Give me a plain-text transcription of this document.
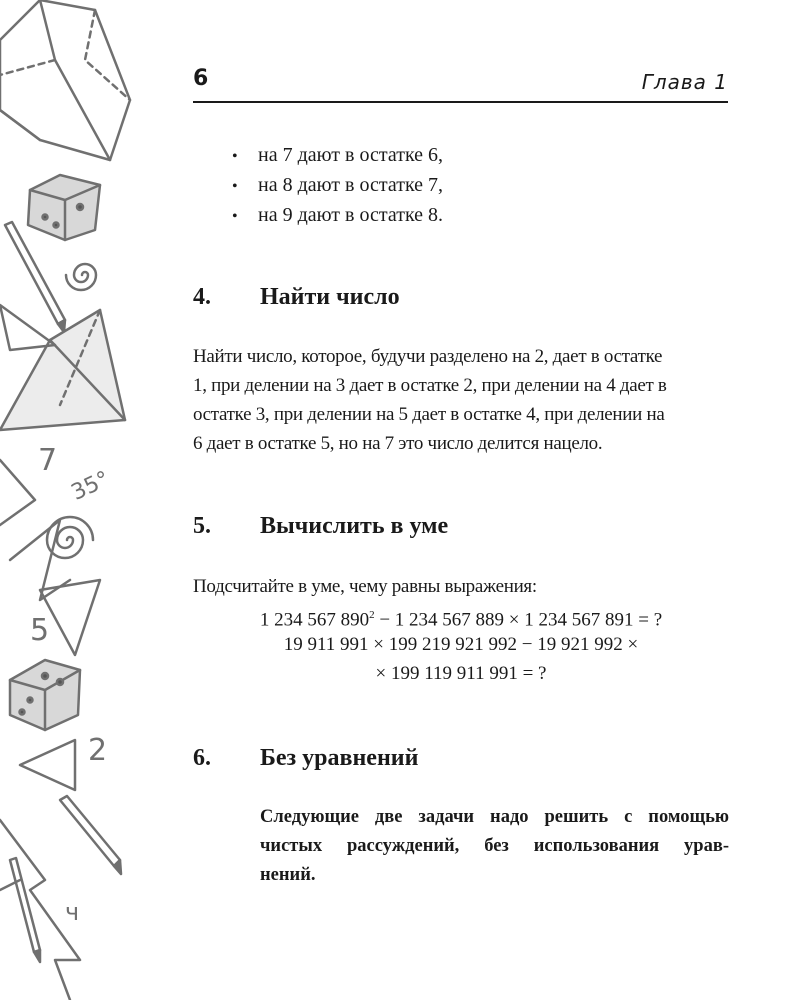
7
35°
5
2
ч
6	Глава 1
• на 7 дают в остатке 6,
• на 8 дают в остатке 7,
• на 9 дают в остатке 8.
4. Найти число
Найти число, которое, будучи разделено на 2, дает в остатке
1, при делении на 3 дает в остатке 2, при делении на 4 дает в
остатке 3, при делении на 5 дает в остатке 4, при делении на
6 дает в остатке 5, но на 7 это число делится нацело.
5. Вычислить в уме
Подсчитайте в уме, чему равны выражения:
1 234 567 $890^2 - 1$ 234 567 889 × 1 234 567 891 = ?
19 911 991 × 199 219 921 992 − 19 921 992 ×
× 199 119 911 991 = ?
6. Без уравнений
Следующие две задачи надо решить с помощью
чистых рассуждений, без использования урав-
нений.
